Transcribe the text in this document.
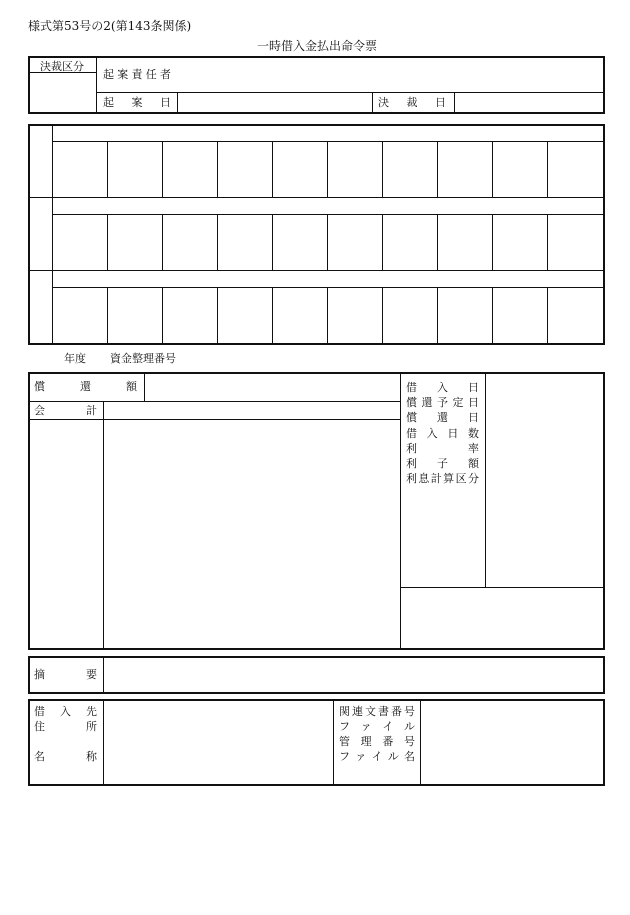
様式第53号の2(第143条関係)
一時借入金払出命令票
決裁区分
起 案 責 任 者
起 案 日	決 裁 日
年度 資金整理番号
償	還	額
会	計
借 入 日
償 還 予 定 日
償 還 日
借 入 日 数
利	率
利 子 額
利 息 計 算 区 分
摘	要
借 入 先
住	所
名	称
関 連 文 書 番 号
フ ァ イ ル
管 理 番 号
フ ァ イ ル 名
